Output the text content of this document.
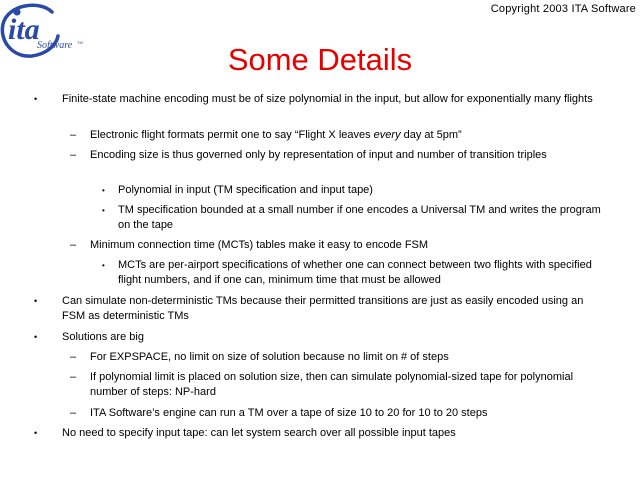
Copyright 2003 ITA Software
ita
Software TM	Some Details
• Finite-state machine encoding must be of size polynomial in the input, but allow for exponentially many flights
– Electronic flight formats permit one to say “Flight X leaves every day at 5pm”
– Encoding size is thus governed only by representation of input and number of transition triples
• Polynomial in input (TM specification and input tape)
• TM specification bounded at a small number if one encodes a Universal TM and writes the program on the tape
– Minimum connection time (MCTs) tables make it easy to encode FSM
• MCTs are per-airport specifications of whether one can connect between two flights with specified flight numbers, and if one can, minimum time that must be allowed
• Can simulate non-deterministic TMs because their permitted transitions are just as easily encoded using an FSM as deterministic TMs
• Solutions are big
– For EXPSPACE, no limit on size of solution because no limit on # of steps
– If polynomial limit is placed on solution size, then can simulate polynomial-sized tape for polynomial number of steps: NP-hard
– ITA Software’s engine can run a TM over a tape of size 10 to 20 for 10 to 20 steps
• No need to specify input tape: can let system search over all possible input tapes
